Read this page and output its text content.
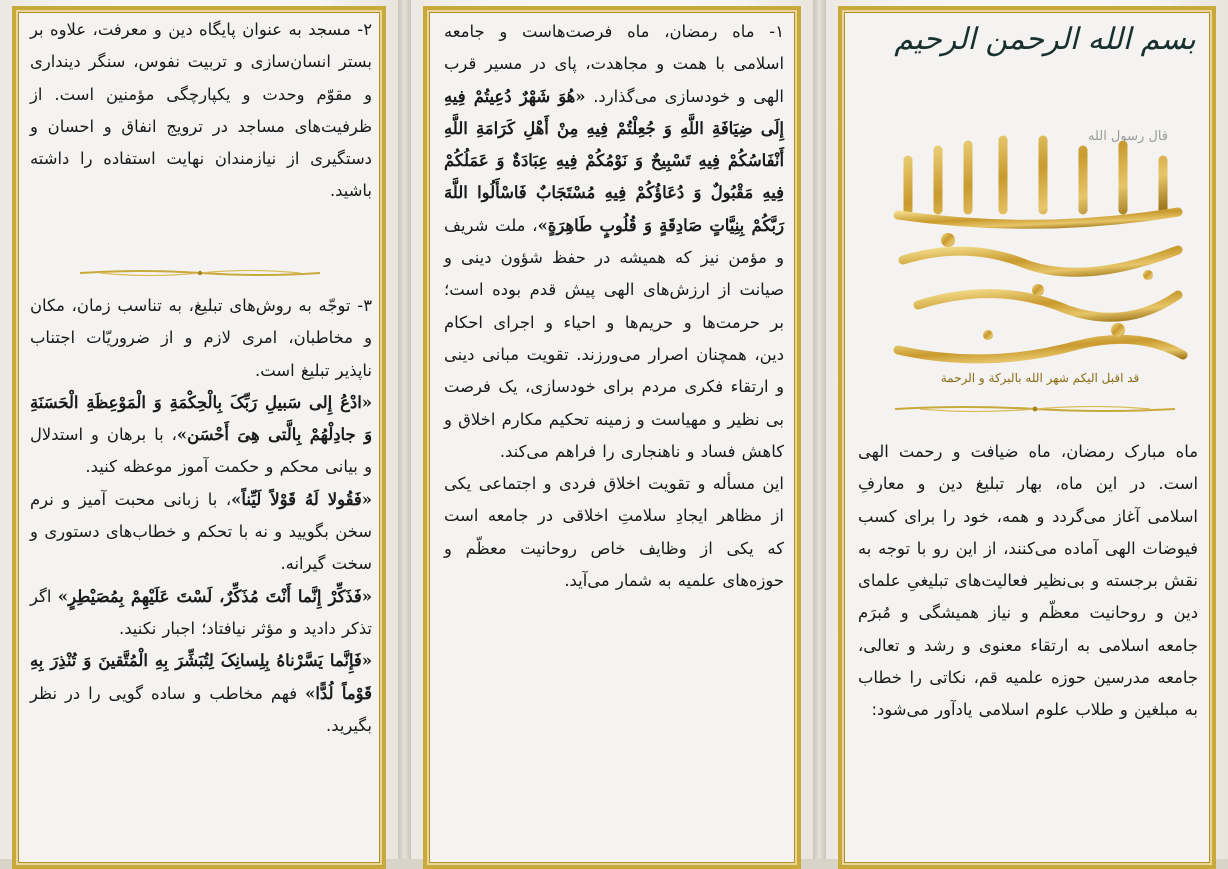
۲- مسجد به عنوان پایگاه دین و معرفت، علاوه بر بستر انسان‌سازی و تربیت نفوس، سنگر دینداری و مقوّم وحدت و یکپارچگی مؤمنین است. از ظرفیت‌های مساجد در ترویج انفاق و احسان و دستگیری از نیازمندان نهایت استفاده را داشته باشید.

۳- توجّه به روش‌های تبلیغ، به تناسب زمان، مکان و مخاطبان، امری لازم و از ضروریّات اجتناب ناپذیر تبلیغ است.

«ادْعُ إِلی سَبیلِ رَبِّکَ بِالْحِکْمَةِ وَ الْمَوْعِظَةِ الْحَسَنَةِ وَ جادِلْهُمْ بِالَّتی هِیَ أَحْسَن»، با برهان و استدلال و بیانی محکم و حکمت آموز موعظه کنید.

«فَقُولا لَهُ قَوْلاً لَیِّناً»، با زبانی محبت آمیز و نرم سخن بگویید و نه با تحکم و خطاب‌های دستوری و سخت گیرانه.

«فَذَکِّرْ إِنَّما أَنْتَ مُذَکِّرٌ، لَسْتَ عَلَیْهِمْ بِمُصَیْطِرٍ» اگر تذکر دادید و مؤثر نیافتاد؛ اجبار نکنید.

«فَإِنَّما یَسَّرْناهُ بِلِسانِکَ لِتُبَشِّرَ بِهِ الْمُتَّقینَ وَ تُنْذِرَ بِهِ قَوْماً لُدًّا» فهم مخاطب و ساده گویی را در نظر بگیرید.

۱- ماه رمضان، ماه فرصت‌هاست و جامعه اسلامی با همت و مجاهدت، پای در مسیر قرب الهی و خودسازی می‌گذارد. «هُوَ شَهْرٌ دُعِیتُمْ فِیهِ إِلَی ضِیَافَةِ اللَّهِ وَ جُعِلْتُمْ فِیهِ مِنْ أَهْلِ کَرَامَةِ اللَّهِ أَنْفَاسُکُمْ فِیهِ تَسْبِیحٌ وَ نَوْمُکُمْ فِیهِ عِبَادَةٌ وَ عَمَلُکُمْ فِیهِ مَقْبُولٌ وَ دُعَاؤُکُمْ فِیهِ مُسْتَجَابٌ فَاسْأَلُوا اللَّهَ رَبَّکُمْ بِنِیَّاتٍ صَادِقَةٍ وَ قُلُوبٍ طَاهِرَةٍ»، ملت شریف و مؤمن نیز که همیشه در حفظ شؤون دینی و صیانت از ارزش‌های الهی پیش قدم بوده است؛ بر حرمت‌ها و حریم‌ها و احیاء و اجرای احکام دین، همچنان اصرار می‌ورزند. تقویت مبانی دینی و ارتقاء فکری مردم برای خودسازی، یک فرصت بی نظیر و مهیاست و زمینه تحکیم مکارم اخلاق و کاهش فساد و ناهنجاری را فراهم می‌کند.

این مسأله و تقویت اخلاق فردی و اجتماعی یکی از مظاهر ایجادِ سلامتِ اخلاقی در جامعه است که یکی از وظایف خاص روحانیت معظّم و حوزه‌های علمیه به شمار می‌آید.

بسم الله الرحمن الرحیم
قال رسول الله
قد اقبل الیکم شهر الله بالبرکة و الرحمة

ماه مبارک رمضان، ماه ضیافت و رحمت الهی است. در این ماه، بهار تبلیغ دین و معارفِ اسلامی آغاز می‌گردد و همه، خود را برای کسب فیوضات الهی آماده می‌کنند، از این رو با توجه به نقش برجسته و بی‌نظیر فعالیت‌های تبلیغیِ علمای دین و روحانیت معظّم و نیاز همیشگی و مُبرَم جامعه اسلامی به ارتقاء معنوی و رشد و تعالی، جامعه مدرسین حوزه علمیه قم، نکاتی را خطاب به مبلغین و طلاب علوم اسلامی یادآور می‌شود:
